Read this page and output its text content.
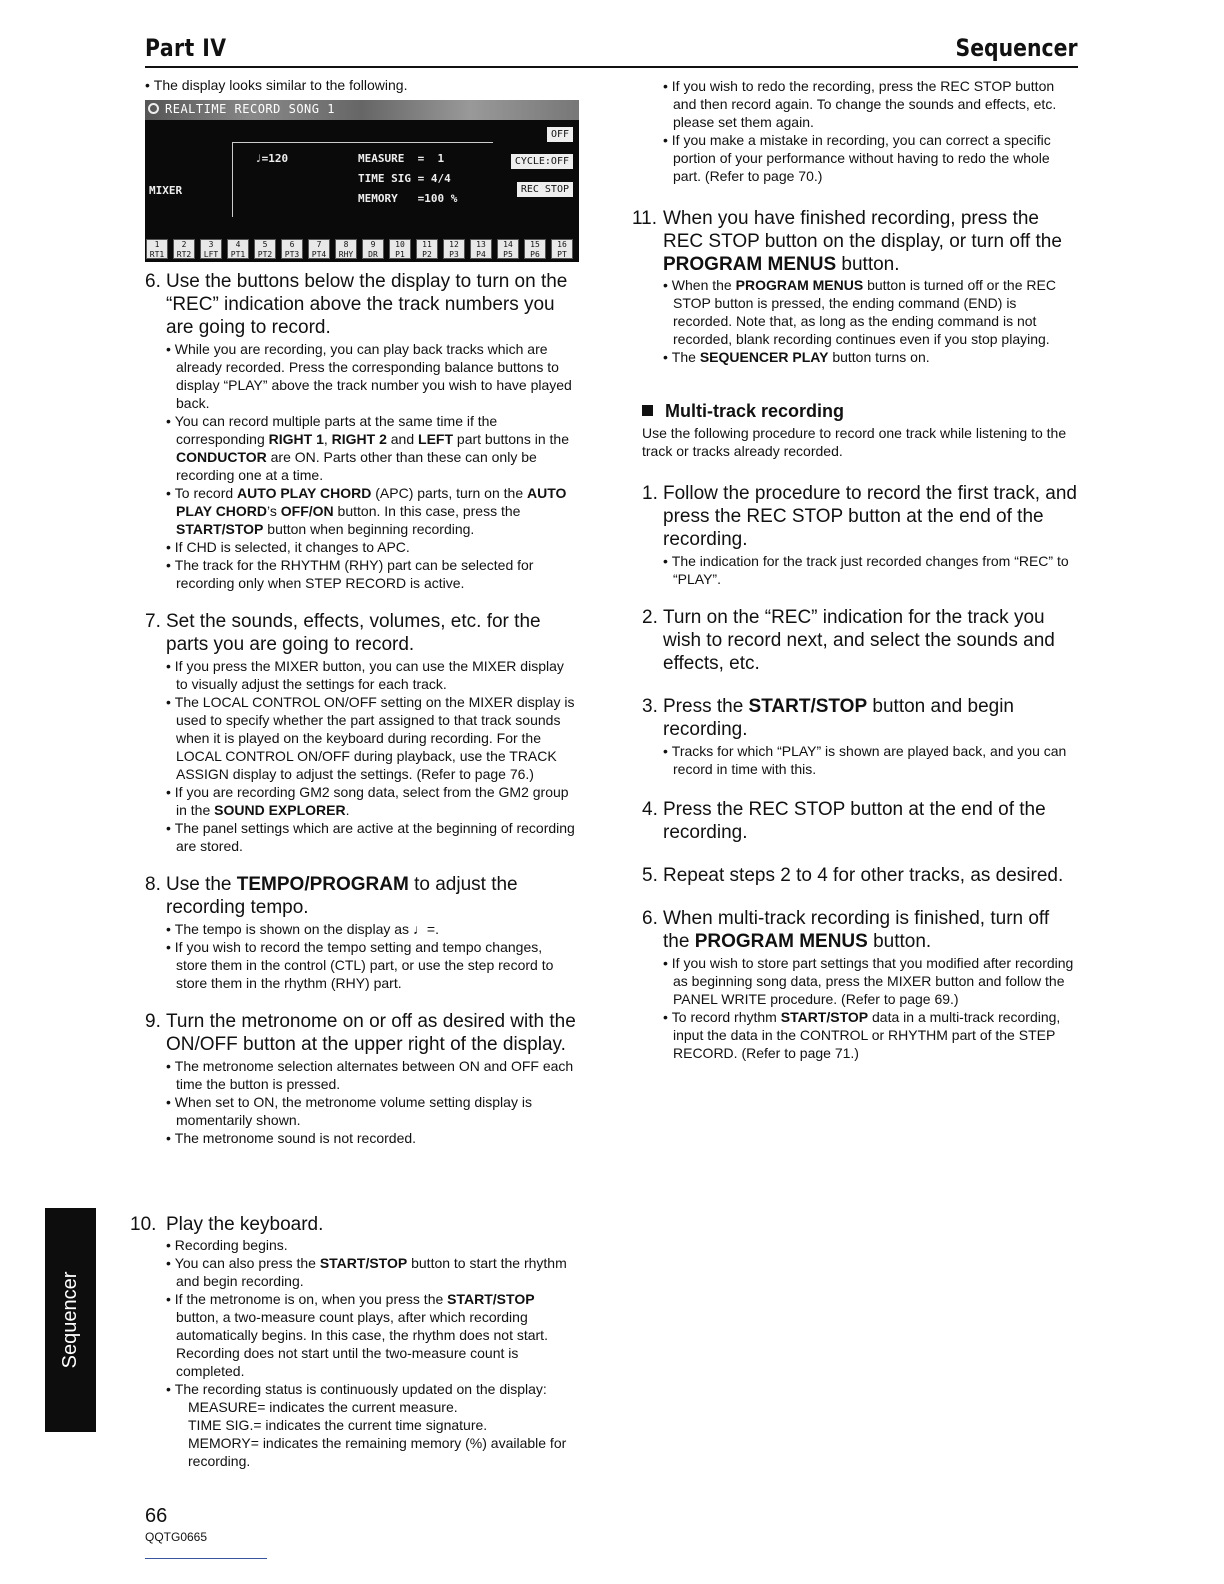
Part IV	Sequencer

• The display looks similar to the following.

REALTIME RECORD SONG 1
♩=120	MEASURE  =  1
TIME SIG = 4/4
MEMORY   =100 %
MIXER
OFF
CYCLE:OFF
REC STOP
1
RT1
2
RT2
3
LFT
4
PT1
5
PT2
6
PT3
7
PT4
8
RHY
9
DR
10
P1
11
P2
12
P3
13
P4
14
P5
15
P6
16
PT

6. Use the buttons below the display to turn on the “REC” indication above the track numbers you are going to record.

• While you are recording, you can play back tracks which are already recorded. Press the corresponding balance buttons to display “PLAY” above the track number you wish to have played back.

• You can record multiple parts at the same time if the corresponding RIGHT 1, RIGHT 2 and LEFT part buttons in the CONDUCTOR are ON. Parts other than these can only be recording one at a time.

• To record AUTO PLAY CHORD (APC) parts, turn on the AUTO PLAY CHORD’s OFF/ON button. In this case, press the START/STOP button when beginning recording.

• If CHD is selected, it changes to APC.

• The track for the RHYTHM (RHY) part can be selected for recording only when STEP RECORD is active.

7. Set the sounds, effects, volumes, etc. for the parts you are going to record.

• If you press the MIXER button, you can use the MIXER display to visually adjust the settings for each track.

• The LOCAL CONTROL ON/OFF setting on the MIXER display is used to specify whether the part assigned to that track sounds when it is played on the keyboard during recording. For the LOCAL CONTROL ON/OFF during playback, use the TRACK ASSIGN display to adjust the settings. (Refer to page 76.)

• If you are recording GM2 song data, select from the GM2 group in the SOUND EXPLORER.

• The panel settings which are active at the beginning of recording are stored.

8. Use the TEMPO/PROGRAM to adjust the recording tempo.

• The tempo is shown on the display as ♩=.

• If you wish to record the tempo setting and tempo changes, store them in the control (CTL) part, or use the step record to store them in the rhythm (RHY) part.

9. Turn the metronome on or off as desired with the ON/OFF button at the upper right of the display.

• The metronome selection alternates between ON and OFF each time the button is pressed.

• When set to ON, the metronome volume setting display is momentarily shown.

• The metronome sound is not recorded.

10. Play the keyboard.

• Recording begins.

• You can also press the START/STOP button to start the rhythm and begin recording.

• If the metronome is on, when you press the START/STOP button, a two-measure count plays, after which recording automatically begins. In this case, the rhythm does not start. Recording does not start until the two-measure count is completed.

• The recording status is continuously updated on the display:

MEASURE= indicates the current measure.
TIME SIG.= indicates the current time signature.
MEMORY= indicates the remaining memory (%) available for recording.

• If you wish to redo the recording, press the REC STOP button and then record again. To change the sounds and effects, etc. please set them again.

• If you make a mistake in recording, you can correct a specific portion of your performance without having to redo the whole part. (Refer to page 70.)

11. When you have finished recording, press the REC STOP button on the display, or turn off the PROGRAM MENUS button.

• When the PROGRAM MENUS button is turned off or the REC STOP button is pressed, the ending command (END) is recorded. Note that, as long as the ending command is not recorded, blank recording continues even if you stop playing.

• The SEQUENCER PLAY button turns on.

Multi-track recording

Use the following procedure to record one track while listening to the track or tracks already recorded.

1. Follow the procedure to record the first track, and press the REC STOP button at the end of the recording.

• The indication for the track just recorded changes from “REC” to “PLAY”.

2. Turn on the “REC” indication for the track you wish to record next, and select the sounds and effects, etc.

3. Press the START/STOP button and begin recording.

• Tracks for which “PLAY” is shown are played back, and you can record in time with this.

4. Press the REC STOP button at the end of the recording.

5. Repeat steps 2 to 4 for other tracks, as desired.

6. When multi-track recording is finished, turn off the PROGRAM MENUS button.

• If you wish to store part settings that you modified after recording as beginning song data, press the MIXER button and follow the PANEL WRITE procedure. (Refer to page 69.)

• To record rhythm START/STOP data in a multi-track recording, input the data in the CONTROL or RHYTHM part of the STEP RECORD. (Refer to page 71.)

Sequencer
66
QQTG0665
